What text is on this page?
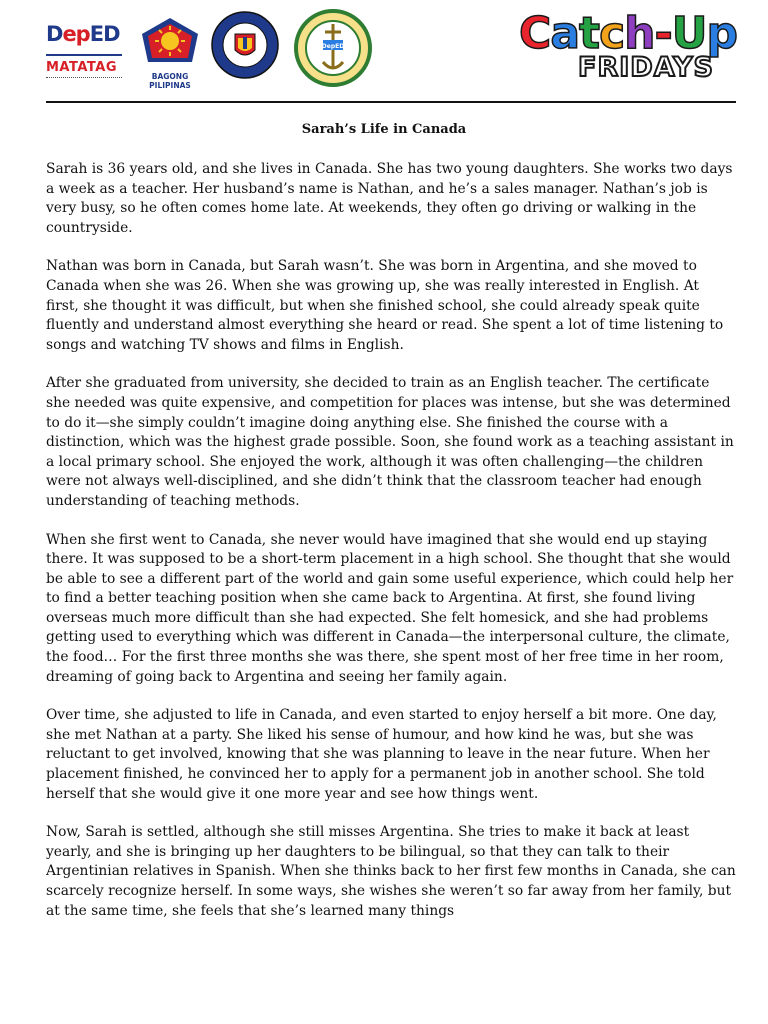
DepED
MATATAG
BAGONG PILIPINAS
DepED	Catch-Up
FRIDAYS
Sarah’s Life in Canada

Sarah is 36 years old, and she lives in Canada. She has two young daughters. She works two days a week as a teacher. Her husband’s name is Nathan, and he’s a sales manager. Nathan’s job is very busy, so he often comes home late. At weekends, they often go driving or walking in the countryside.

Nathan was born in Canada, but Sarah wasn’t. She was born in Argentina, and she moved to Canada when she was 26. When she was growing up, she was really interested in English. At first, she thought it was difficult, but when she finished school, she could already speak quite fluently and understand almost everything she heard or read. She spent a lot of time listening to songs and watching TV shows and films in English.

After she graduated from university, she decided to train as an English teacher. The certificate she needed was quite expensive, and competition for places was intense, but she was determined to do it—she simply couldn’t imagine doing anything else. She finished the course with a distinction, which was the highest grade possible. Soon, she found work as a teaching assistant in a local primary school. She enjoyed the work, although it was often challenging—the children were not always well-disciplined, and she didn’t think that the classroom teacher had enough understanding of teaching methods.

When she first went to Canada, she never would have imagined that she would end up staying there. It was supposed to be a short-term placement in a high school. She thought that she would be able to see a different part of the world and gain some useful experience, which could help her to find a better teaching position when she came back to Argentina. At first, she found living overseas much more difficult than she had expected. She felt homesick, and she had problems getting used to everything which was different in Canada—the interpersonal culture, the climate, the food… For the first three months she was there, she spent most of her free time in her room, dreaming of going back to Argentina and seeing her family again.

Over time, she adjusted to life in Canada, and even started to enjoy herself a bit more. One day, she met Nathan at a party. She liked his sense of humour, and how kind he was, but she was reluctant to get involved, knowing that she was planning to leave in the near future. When her placement finished, he convinced her to apply for a permanent job in another school. She told herself that she would give it one more year and see how things went.

Now, Sarah is settled, although she still misses Argentina. She tries to make it back at least yearly, and she is bringing up her daughters to be bilingual, so that they can talk to their Argentinian relatives in Spanish. When she thinks back to her first few months in Canada, she can scarcely recognize herself. In some ways, she wishes she weren’t so far away from her family, but at the same time, she feels that she’s learned many things
